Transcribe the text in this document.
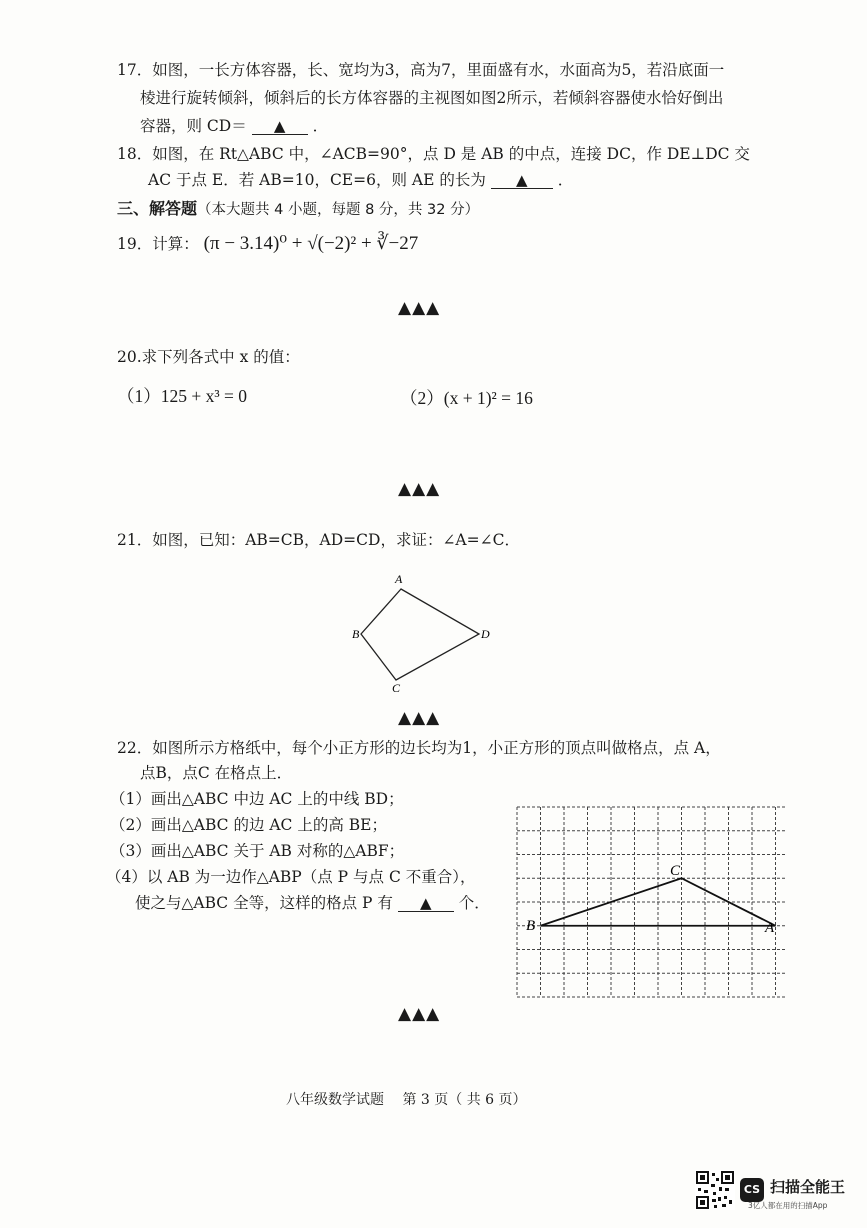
17．如图，一长方体容器，长、宽均为3，高为7，里面盛有水，水面高为5，若沿底面一
棱进行旋转倾斜，倾斜后的长方体容器的主视图如图2所示，若倾斜容器使水恰好倒出
容器，则 CD＝ ▲ ．
18．如图，在 Rt△ABC 中，∠ACB=90°，点 D 是 AB 的中点，连接 DC，作 DE⊥DC 交
AC 于点 E．若 AB=10，CE=6，则 AE 的长为 ▲ ．
三、解答题（本大题共 4 小题，每题 8 分，共 32 分）
19．计算： (π − 3.14)⁰ + √(−2)² + ∛−27
▲▲▲
20.求下列各式中 x 的值：
（1）125 + x³ = 0	（2）(x + 1)² = 16
▲▲▲
21．如图，已知：AB=CB，AD=CD，求证：∠A=∠C．
A
B
C
D
▲▲▲
22．如图所示方格纸中，每个小正方形的边长均为1，小正方形的顶点叫做格点，点 A，
点B，点C 在格点上．
（1）画出△ABC 中边 AC 上的中线 BD；
（2）画出△ABC 的边 AC 上的高 BE；
（3）画出△ABC 关于 AB 对称的△ABF；
（4）以 AB 为一边作△ABP（点 P 与点 C 不重合），
使之与△ABC 全等，这样的格点 P 有 ▲ 个．
B
C
A
▲▲▲
八年级数学试题　 第 3 页（ 共 6 页）
CS 扫描全能王
3亿人都在用的扫描App
